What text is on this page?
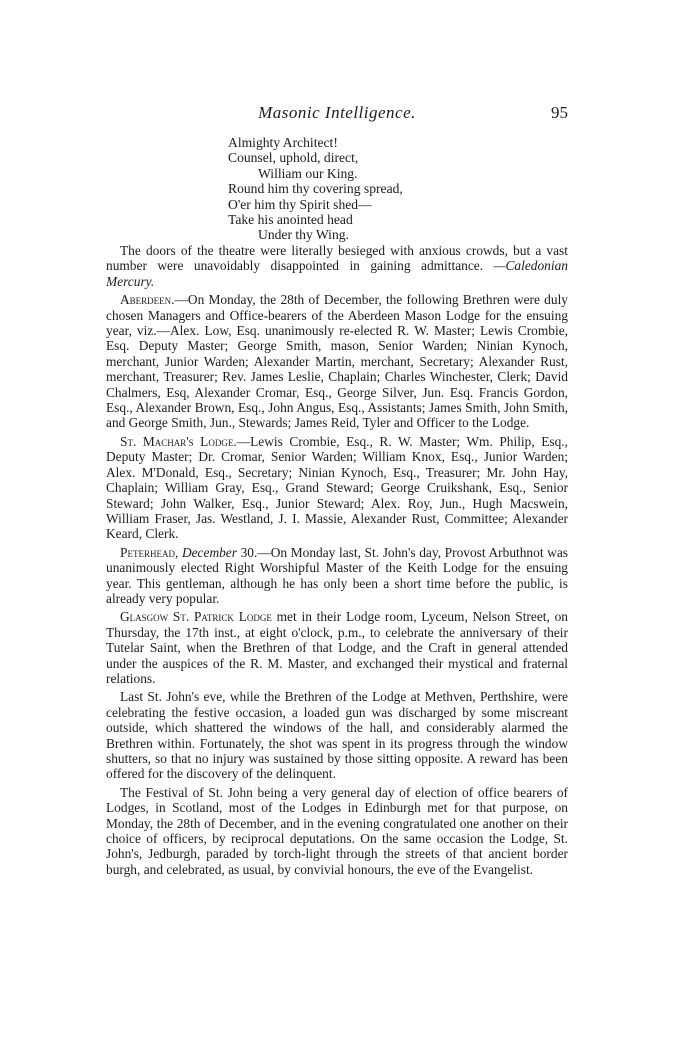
Masonic Intelligence.	95
Almighty Architect!
Counsel, uphold, direct,
William our King.
Round him thy covering spread,
O'er him thy Spirit shed—
Take his anointed head
Under thy Wing.

The doors of the theatre were literally besieged with anxious crowds, but a vast number were unavoidably disappointed in gaining admittance. —Caledonian Mercury.

Aberdeen.—On Monday, the 28th of December, the following Brethren were duly chosen Managers and Office-bearers of the Aberdeen Mason Lodge for the ensuing year, viz.—Alex. Low, Esq. unanimously re-elected R. W. Master; Lewis Crombie, Esq. Deputy Master; George Smith, mason, Senior Warden; Ninian Kynoch, merchant, Junior Warden; Alexander Martin, merchant, Secretary; Alexander Rust, merchant, Treasurer; Rev. James Leslie, Chaplain; Charles Winchester, Clerk; David Chalmers, Esq, Alexander Cromar, Esq., George Silver, Jun. Esq. Francis Gordon, Esq., Alexander Brown, Esq., John Angus, Esq., Assistants; James Smith, John Smith, and George Smith, Jun., Stewards; James Reid, Tyler and Officer to the Lodge.

St. Machar's Lodge.—Lewis Crombie, Esq., R. W. Master; Wm. Philip, Esq., Deputy Master; Dr. Cromar, Senior Warden; William Knox, Esq., Junior Warden; Alex. M'Donald, Esq., Secretary; Ninian Kynoch, Esq., Treasurer; Mr. John Hay, Chaplain; William Gray, Esq., Grand Steward; George Cruikshank, Esq., Senior Steward; John Walker, Esq., Junior Steward; Alex. Roy, Jun., Hugh Macswein, William Fraser, Jas. Westland, J. I. Massie, Alexander Rust, Committee; Alexander Keard, Clerk.

Peterhead, December 30.—On Monday last, St. John's day, Provost Arbuthnot was unanimously elected Right Worshipful Master of the Keith Lodge for the ensuing year. This gentleman, although he has only been a short time before the public, is already very popular.

Glasgow St. Patrick Lodge met in their Lodge room, Lyceum, Nelson Street, on Thursday, the 17th inst., at eight o'clock, p.m., to celebrate the anniversary of their Tutelar Saint, when the Brethren of that Lodge, and the Craft in general attended under the auspices of the R. M. Master, and exchanged their mystical and fraternal relations.

Last St. John's eve, while the Brethren of the Lodge at Methven, Perthshire, were celebrating the festive occasion, a loaded gun was discharged by some miscreant outside, which shattered the windows of the hall, and considerably alarmed the Brethren within. Fortunately, the shot was spent in its progress through the window shutters, so that no injury was sustained by those sitting opposite. A reward has been offered for the discovery of the delinquent.

The Festival of St. John being a very general day of election of office bearers of Lodges, in Scotland, most of the Lodges in Edinburgh met for that purpose, on Monday, the 28th of December, and in the evening congratulated one another on their choice of officers, by reciprocal deputations. On the same occasion the Lodge, St. John's, Jedburgh, paraded by torch-light through the streets of that ancient border burgh, and celebrated, as usual, by convivial honours, the eve of the Evangelist.
